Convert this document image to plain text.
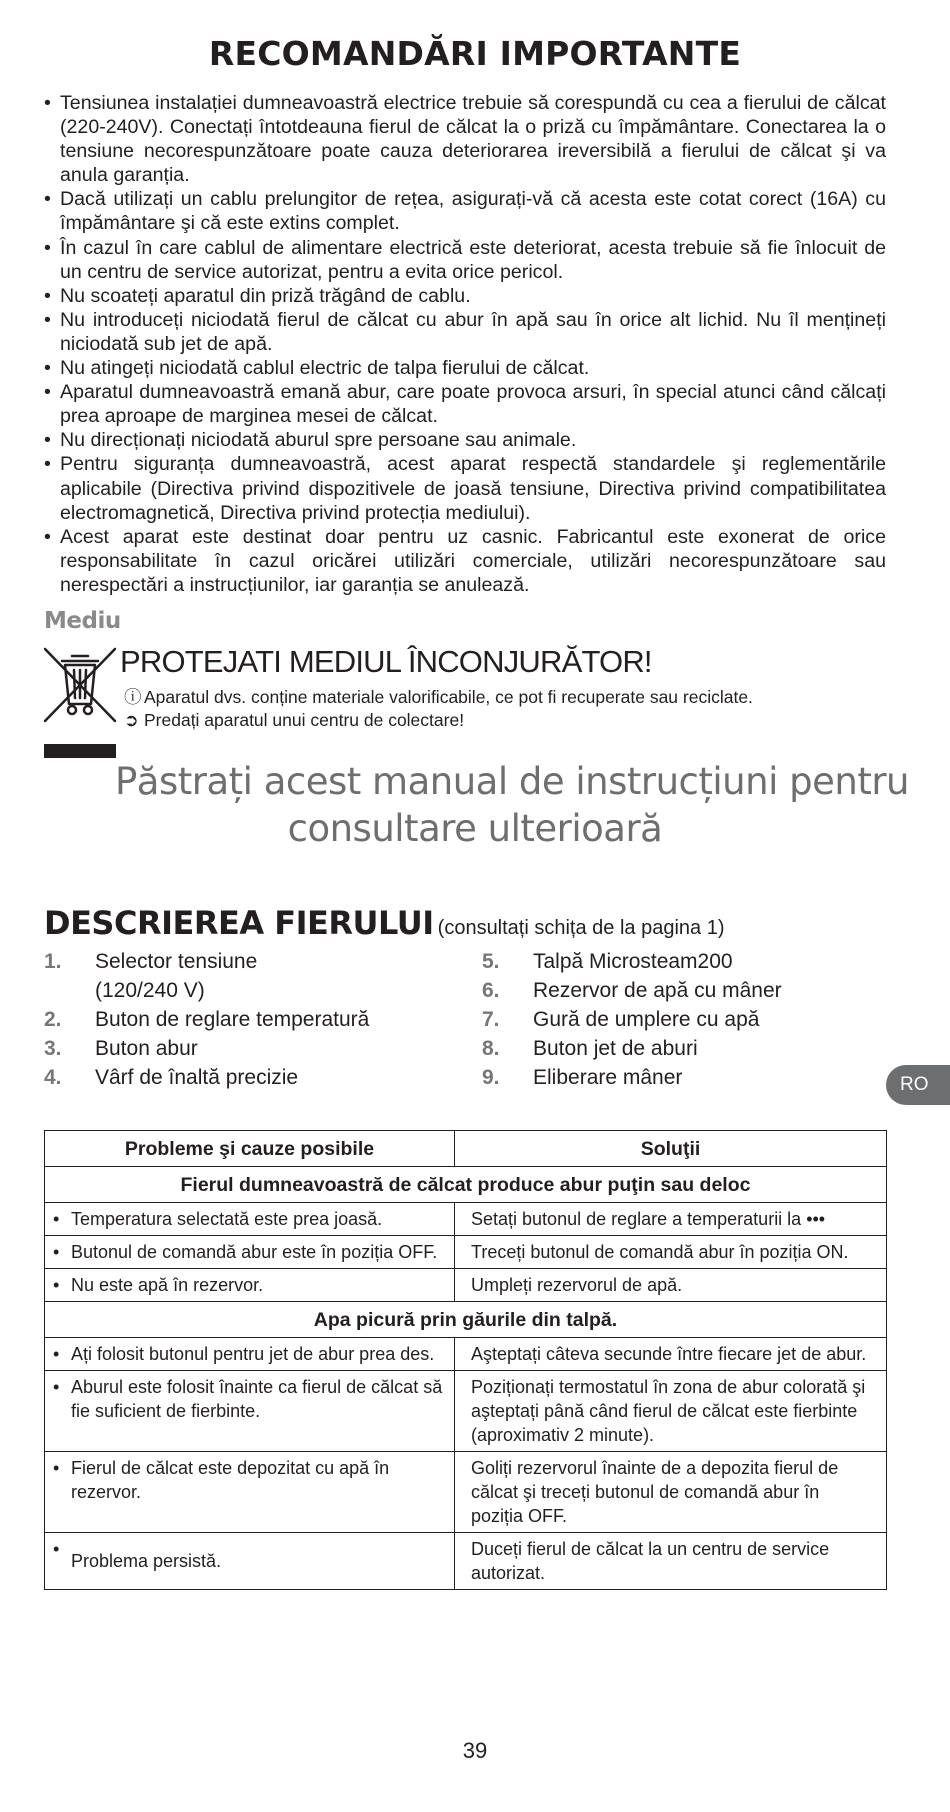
RECOMANDĂRI IMPORTANTE
• Tensiunea instalației dumneavoastră electrice trebuie să corespundă cu cea a fierului de călcat (220-240V). Conectați întotdeauna fierul de călcat la o priză cu împământare. Conectarea la o tensiune necorespunzătoare poate cauza deteriorarea ireversibilă a fierului de călcat şi va anula garanția.
• Dacă utilizați un cablu prelungitor de rețea, asigurați-vă că acesta este cotat corect (16A) cu împământare şi că este extins complet.
• În cazul în care cablul de alimentare electrică este deteriorat, acesta trebuie să fie înlocuit de un centru de service autorizat, pentru a evita orice pericol.
• Nu scoateți aparatul din priză trăgând de cablu.
• Nu introduceți niciodată fierul de călcat cu abur în apă sau în orice alt lichid. Nu îl mențineți niciodată sub jet de apă.
• Nu atingeți niciodată cablul electric de talpa fierului de călcat.
• Aparatul dumneavoastră emană abur, care poate provoca arsuri, în special atunci când călcați prea aproape de marginea mesei de călcat.
• Nu direcționați niciodată aburul spre persoane sau animale.
• Pentru siguranța dumneavoastră, acest aparat respectă standardele şi reglementările aplicabile (Directiva privind dispozitivele de joasă tensiune, Directiva privind compatibilitatea electromagnetică, Directiva privind protecția mediului).
• Acest aparat este destinat doar pentru uz casnic. Fabricantul este exonerat de orice responsabilitate în cazul oricărei utilizări comerciale, utilizări necorespunzătoare sau nerespectări a instrucțiunilor, iar garanția se anulează.
Mediu
PROTEJATI MEDIUL ÎNCONJURĂTOR!
ⓘ Aparatul dvs. conține materiale valorificabile, ce pot fi recuperate sau reciclate.
➲ Predați aparatul unui centru de colectare!
Păstrați acest manual de instrucțiuni pentru
consultare ulterioară
DESCRIEREA FIERULUI (consultați schița de la pagina 1)
1. Selector tensiune
(120/240 V)
2. Buton de reglare temperatură
3. Buton abur
4. Vârf de înaltă precizie
5. Talpă Microsteam200
6. Rezervor de apă cu mâner
7. Gură de umplere cu apă
8. Buton jet de aburi
9. Eliberare mâner	RO
Probleme şi cauze posibile	Soluţii
Fierul dumneavoastră de călcat produce abur puţin sau deloc	
• Temperatura selectată este prea joasă.	Setați butonul de reglare a temperaturii la •••
• Butonul de comandă abur este în poziția OFF.	Treceți butonul de comandă abur în poziția ON.
• Nu este apă în rezervor.	Umpleți rezervorul de apă.
Apa picură prin găurile din talpă.	
• Ați folosit butonul pentru jet de abur prea des.	Aşteptați câteva secunde între fiecare jet de abur.
• Aburul este folosit înainte ca fierul de călcat să fie suficient de fierbinte.	Poziționați termostatul în zona de abur colorată şi aşteptați până când fierul de călcat este fierbinte (aproximativ 2 minute).
• Fierul de călcat este depozitat cu apă în rezervor.	Goliți rezervorul înainte de a depozita fierul de călcat şi treceți butonul de comandă abur în poziția OFF.
• Problema persistă.	Duceți fierul de călcat la un centru de service autorizat.
39
